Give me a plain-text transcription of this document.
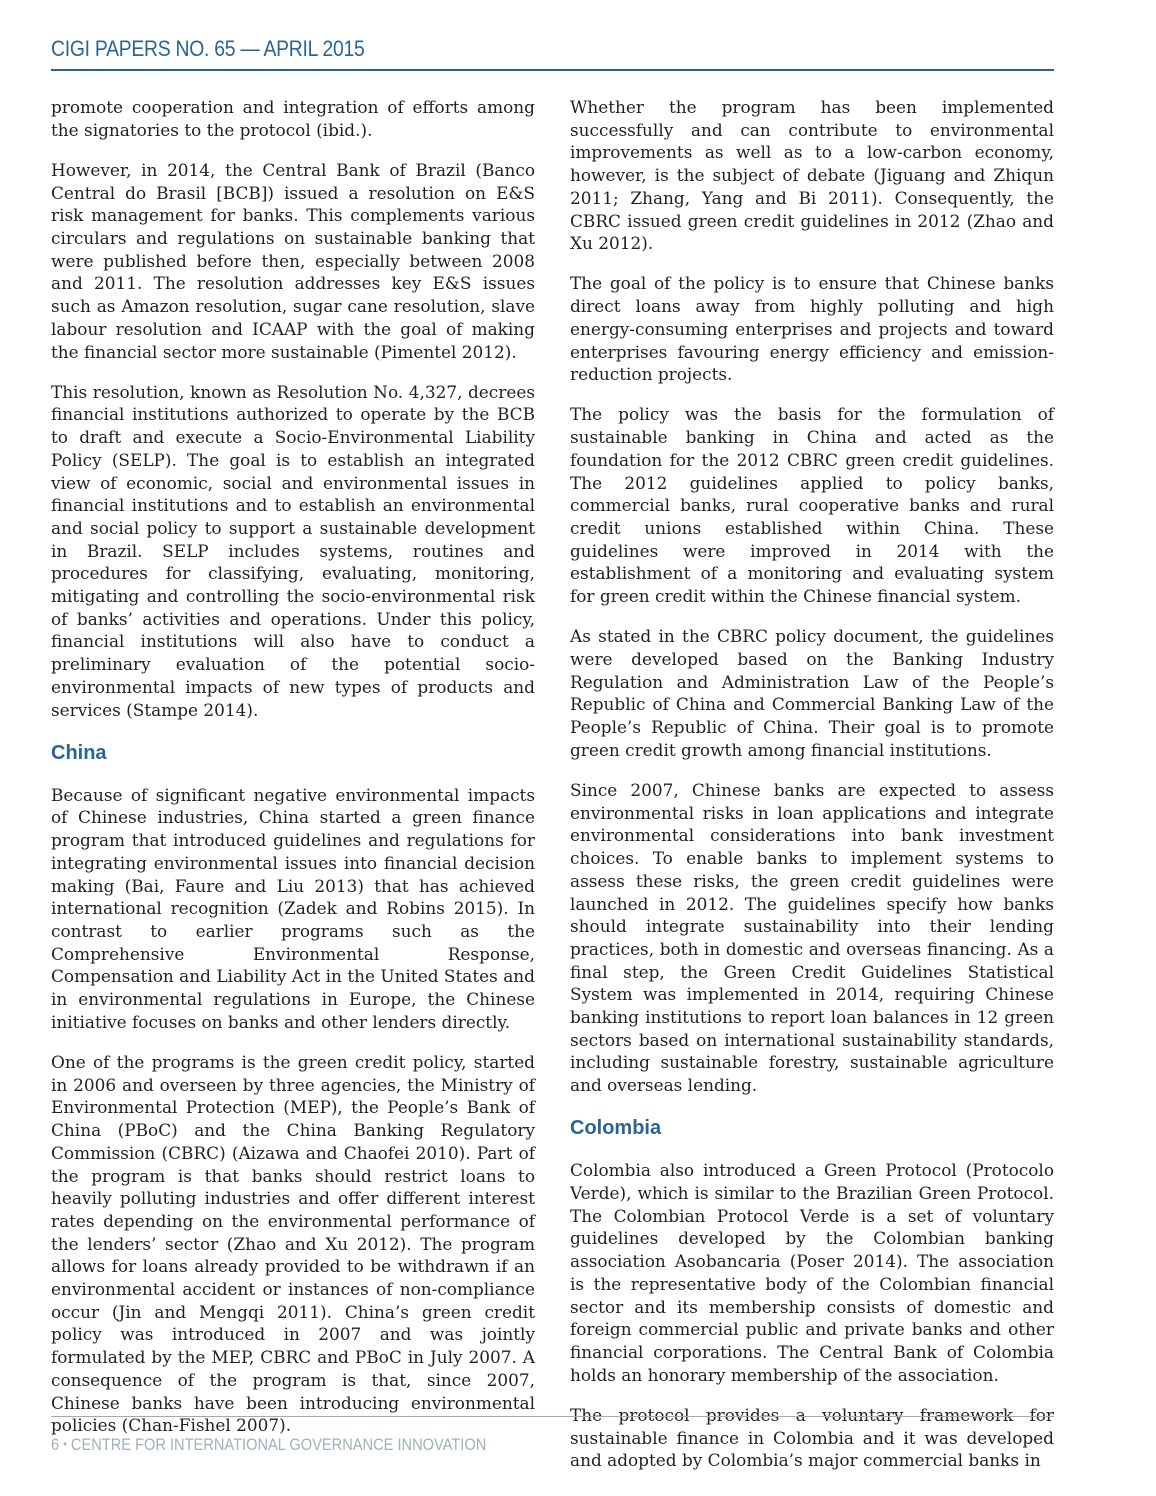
CIGI PAPERS NO. 65 — APRIL 2015

promote cooperation and integration of efforts among the signatories to the protocol (ibid.).

However, in 2014, the Central Bank of Brazil (Banco Central do Brasil [BCB]) issued a resolution on E&S risk management for banks. This complements various circulars and regulations on sustainable banking that were published before then, especially between 2008 and 2011. The resolution addresses key E&S issues such as Amazon resolution, sugar cane resolution, slave labour resolution and ICAAP with the goal of making the financial sector more sustainable (Pimentel 2012).

This resolution, known as Resolution No. 4,327, decrees financial institutions authorized to operate by the BCB to draft and execute a Socio-Environmental Liability Policy (SELP). The goal is to establish an integrated view of economic, social and environmental issues in financial institutions and to establish an environmental and social policy to support a sustainable development in Brazil. SELP includes systems, routines and procedures for classifying, evaluating, monitoring, mitigating and controlling the socio-environmental risk of banks’ activities and operations. Under this policy, financial institutions will also have to conduct a preliminary evaluation of the potential socio-environmental impacts of new types of products and services (Stampe 2014).

China

Because of significant negative environmental impacts of Chinese industries, China started a green finance program that introduced guidelines and regulations for integrating environmental issues into financial decision making (Bai, Faure and Liu 2013) that has achieved international recognition (Zadek and Robins 2015). In contrast to earlier programs such as the Comprehensive Environmental Response, Compensation and Liability Act in the United States and in environmental regulations in Europe, the Chinese initiative focuses on banks and other lenders directly.

One of the programs is the green credit policy, started in 2006 and overseen by three agencies, the Ministry of Environmental Protection (MEP), the People’s Bank of China (PBoC) and the China Banking Regulatory Commission (CBRC) (Aizawa and Chaofei 2010). Part of the program is that banks should restrict loans to heavily polluting industries and offer different interest rates depending on the environmental performance of the lenders’ sector (Zhao and Xu 2012). The program allows for loans already provided to be withdrawn if an environmental accident or instances of non-compliance occur (Jin and Mengqi 2011). China’s green credit policy was introduced in 2007 and was jointly formulated by the MEP, CBRC and PBoC in July 2007. A consequence of the program is that, since 2007, Chinese banks have been introducing environmental policies (Chan-Fishel 2007).

Whether the program has been implemented successfully and can contribute to environmental improvements as well as to a low-carbon economy, however, is the subject of debate (Jiguang and Zhiqun 2011; Zhang, Yang and Bi 2011). Consequently, the CBRC issued green credit guidelines in 2012 (Zhao and Xu 2012).

The goal of the policy is to ensure that Chinese banks direct loans away from highly polluting and high energy-consuming enterprises and projects and toward enterprises favouring energy efficiency and emission-reduction projects.

The policy was the basis for the formulation of sustainable banking in China and acted as the foundation for the 2012 CBRC green credit guidelines. The 2012 guidelines applied to policy banks, commercial banks, rural cooperative banks and rural credit unions established within China. These guidelines were improved in 2014 with the establishment of a monitoring and evaluating system for green credit within the Chinese financial system.

As stated in the CBRC policy document, the guidelines were developed based on the Banking Industry Regulation and Administration Law of the People’s Republic of China and Commercial Banking Law of the People’s Republic of China. Their goal is to promote green credit growth among financial institutions.

Since 2007, Chinese banks are expected to assess environmental risks in loan applications and integrate environmental considerations into bank investment choices. To enable banks to implement systems to assess these risks, the green credit guidelines were launched in 2012. The guidelines specify how banks should integrate sustainability into their lending practices, both in domestic and overseas financing. As a final step, the Green Credit Guidelines Statistical System was implemented in 2014, requiring Chinese banking institutions to report loan balances in 12 green sectors based on international sustainability standards, including sustainable forestry, sustainable agriculture and overseas lending.

Colombia

Colombia also introduced a Green Protocol (Protocolo Verde), which is similar to the Brazilian Green Protocol. The Colombian Protocol Verde is a set of voluntary guidelines developed by the Colombian banking association Asobancaria (Poser 2014). The association is the representative body of the Colombian financial sector and its membership consists of domestic and foreign commercial public and private banks and other financial corporations. The Central Bank of Colombia holds an honorary membership of the association.

The protocol provides a voluntary framework for sustainable finance in Colombia and it was developed and adopted by Colombia’s major commercial banks in

6 • CENTRE FOR INTERNATIONAL GOVERNANCE INNOVATION
